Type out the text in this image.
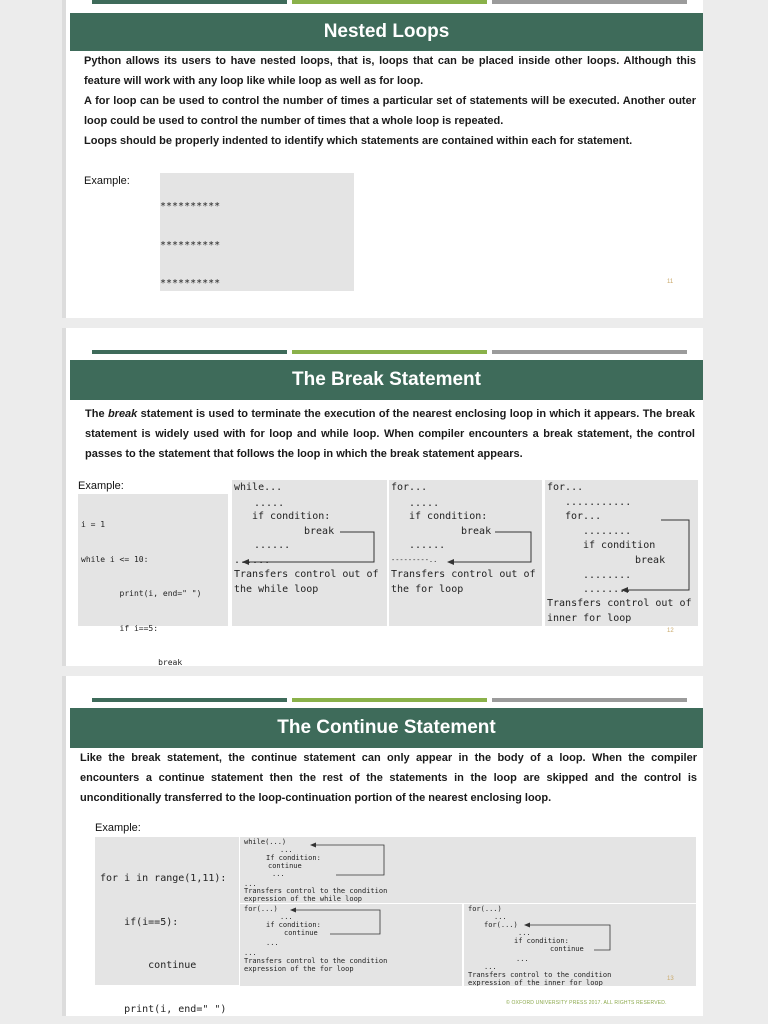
Nested Loops

Python allows its users to have nested loops, that is, loops that can be placed inside other loops. Although this feature will work with any loop like while loop as well as for loop.

A for loop can be used to control the number of times a particular set of statements will be executed. Another outer loop could be used to control the number of times that a whole loop is repeated.

Loops should be properly indented to identify which statements are contained within each for statement.

Example:

**********

**********

**********

	11
The Break Statement

The break statement is used to terminate the execution of the nearest enclosing loop in which it appears. The break statement is widely used with for loop and while loop. When compiler encounters a break statement, the control passes to the statement that follows the loop in which the break statement appears.

Example:

i = 1

while i <= 10:

print(i, end=" ")

if i==5:

break

while...
.....
if condition:
break
......
......
Transfers control out of
the while loop
for...
.....
if condition:
break
......
---------..
Transfers control out of
the for loop
for...
...........
for...
........
if condition
break
........
........
Transfers control out of
inner for loop
12
The Continue Statement

Like the break statement, the continue statement can only appear in the body of a loop. When the compiler encounters a continue statement then the rest of the statements in the loop are skipped and the control is unconditionally transferred to the loop-continuation portion of the nearest enclosing loop.

Example:

for i in range(1,11):

if(i==5):

continue

print(i, end=" ")

while(...)
...
If condition:
continue
...
...
Transfers control to the condition
expression of the while loop
for(...)
...
if condition:
continue
...
...
Transfers control to the condition
expression of the for loop
for(...)
...
for(...)
...
if condition:
continue
...
...
Transfers control to the condition
expression of the inner for loop	13
© OXFORD UNIVERSITY PRESS 2017. ALL RIGHTS RESERVED.
